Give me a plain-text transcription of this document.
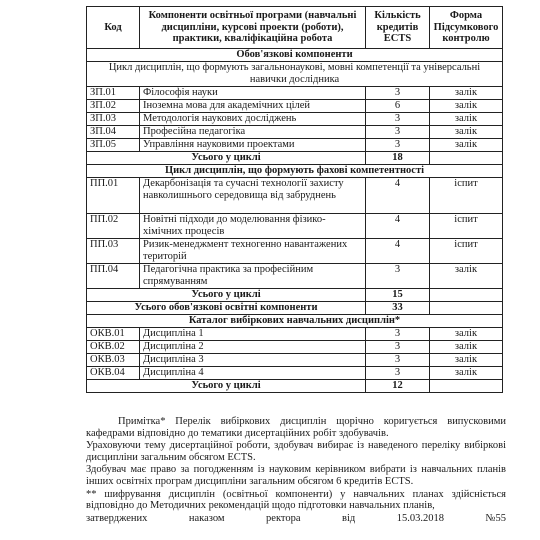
Код	Компоненти освітньої програми (навчальні дисципліни, курсові проекти (роботи), практики, кваліфікаційна робота	Кількість кредитів ECTS	Форма Підсумкового контролю
Обов'язкові компоненти			
Цикл дисциплін, що формують загальнонаукові, мовні компетенції та універсальні навички дослідника			
ЗП.01	Філософія науки	3	залік
ЗП.02	Іноземна мова для академічних цілей	6	залік
ЗП.03	Методологія наукових досліджень	3	залік
ЗП.04	Професійна педагогіка	3	залік
ЗП.05	Управління науковими проектами	3	залік
Усього у циклі		18	
Цикл дисциплін, що формують фахові компетентності			
ПП.01	Декарбонізація та сучасні технології захисту навколишнього середовища від забруднень	4	іспит
ПП.02	Новітні підходи до моделювання фізико-хімічних процесів	4	іспит
ПП.03	Ризик-менеджмент техногенно навантажених територій	4	іспит
ПП.04	Педагогічна практика за професійним спрямуванням	3	залік
Усього у циклі		15	
Усього обов'язкові освітні компоненти		33	
Каталог вибіркових навчальних дисциплін*			
ОКВ.01	Дисципліна 1	3	залік
ОКВ.02	Дисципліна 2	3	залік
ОКВ.03	Дисципліна 3	3	залік
ОКВ.04	Дисципліна 4	3	залік
Усього у циклі		12	

Примітка* Перелік вибіркових дисциплін щорічно коригується випусковими кафедрами відповідно до тематики дисертаційних робіт здобувачів.

Ураховуючи тему дисертаційної роботи, здобувач вибирає із наведеного переліку вибіркові дисципліни загальним обсягом ECTS.

Здобувач має право за погодженням із науковим керівником вибрати із навчальних планів інших освітніх програм дисципліни загальним обсягом 6 кредитів ECTS.

** шифрування дисциплін (освітньої компоненти) у навчальних планах здійсніється відповідно до Методичних рекомендацій щодо підготовки навчальних планів,

затверджених	наказом	ректора	від	15.03.2018	№55
